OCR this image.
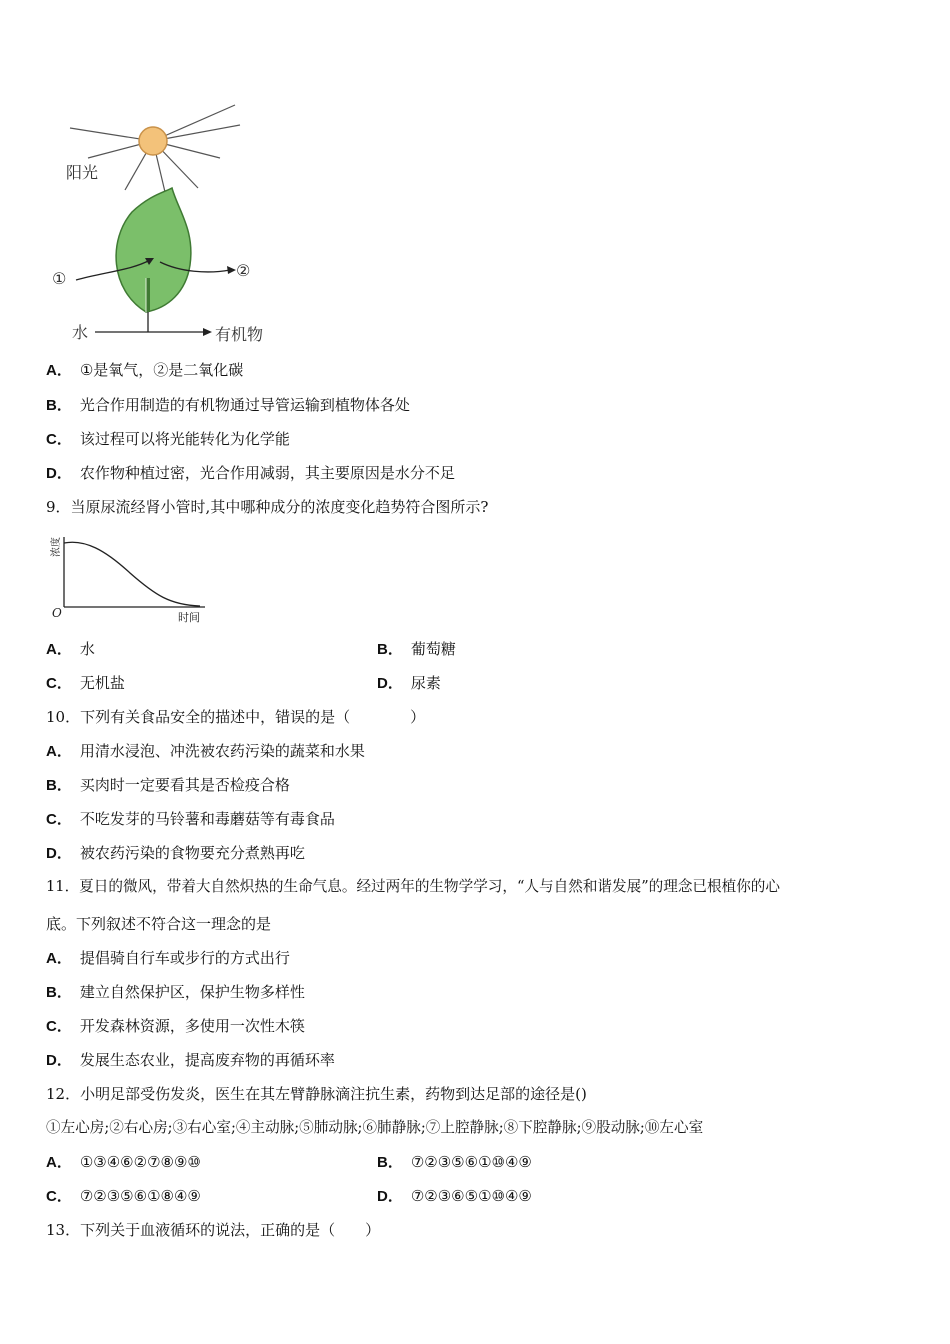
阳光
①	②
水	有机物
A． ①是氧气，②是二氧化碳
B． 光合作用制造的有机物通过导管运输到植物体各处
C． 该过程可以将光能转化为化学能
D． 农作物种植过密，光合作用减弱，其主要原因是水分不足
9．当原尿流经肾小管时,其中哪种成分的浓度变化趋势符合图所示?
浓度
O	时间
A． 水	B． 葡萄糖
C． 无机盐	D． 尿素
10．下列有关食品安全的描述中，错误的是（　　　　）
A． 用清水浸泡、冲洗被农药污染的蔬菜和水果
B． 买肉时一定要看其是否检疫合格
C． 不吃发芽的马铃薯和毒蘑菇等有毒食品
D． 被农药污染的食物要充分煮熟再吃
11．夏日的微风，带着大自然炽热的生命气息。经过两年的生物学学习，“人与自然和谐发展”的理念已根植你的心
底。下列叙述不符合这一理念的是
A． 提倡骑自行车或步行的方式出行
B． 建立自然保护区，保护生物多样性
C． 开发森林资源，多使用一次性木筷
D． 发展生态农业，提高废弃物的再循环率
12．小明足部受伤发炎，医生在其左臂静脉滴注抗生素，药物到达足部的途径是()
①左心房;②右心房;③右心室;④主动脉;⑤肺动脉;⑥肺静脉;⑦上腔静脉;⑧下腔静脉;⑨股动脉;⑩左心室
A． ①③④⑥②⑦⑧⑨⑩	B． ⑦②③⑤⑥①⑩④⑨
C． ⑦②③⑤⑥①⑧④⑨	D． ⑦②③⑥⑤①⑩④⑨
13．下列关于血液循环的说法，正确的是（　　）
